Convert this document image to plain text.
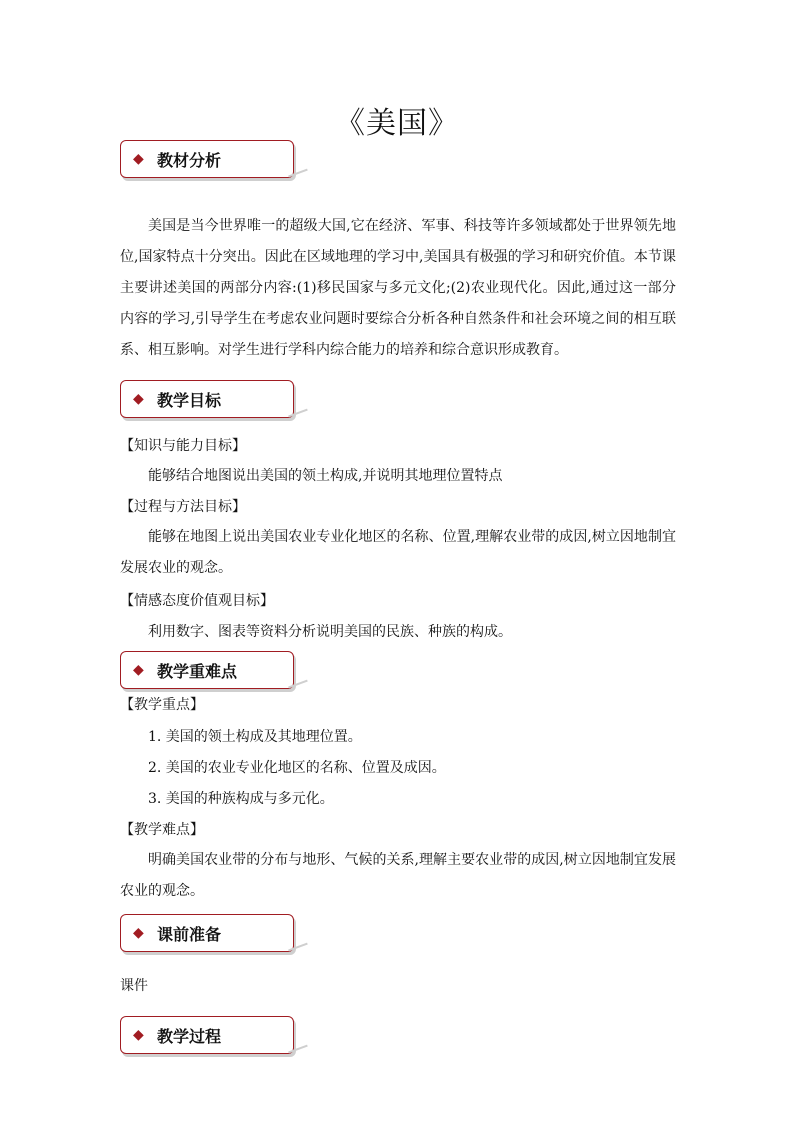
《美国》
◆ 教材分析
美国是当今世界唯一的超级大国,它在经济、军事、科技等许多领域都处于世界领先地位,国家特点十分突出。因此在区域地理的学习中,美国具有极强的学习和研究价值。本节课主要讲述美国的两部分内容:(1)移民国家与多元文化;(2)农业现代化。因此,通过这一部分内容的学习,引导学生在考虑农业问题时要综合分析各种自然条件和社会环境之间的相互联系、相互影响。对学生进行学科内综合能力的培养和综合意识形成教育。
◆ 教学目标
【知识与能力目标】
能够结合地图说出美国的领土构成,并说明其地理位置特点
【过程与方法目标】
能够在地图上说出美国农业专业化地区的名称、位置,理解农业带的成因,树立因地制宜发展农业的观念。
【情感态度价值观目标】
利用数字、图表等资料分析说明美国的民族、种族的构成。
◆ 教学重难点
【教学重点】
1. 美国的领土构成及其地理位置。
2. 美国的农业专业化地区的名称、位置及成因。
3. 美国的种族构成与多元化。
【教学难点】
明确美国农业带的分布与地形、气候的关系,理解主要农业带的成因,树立因地制宜发展农业的观念。
◆ 课前准备
课件
◆ 教学过程
